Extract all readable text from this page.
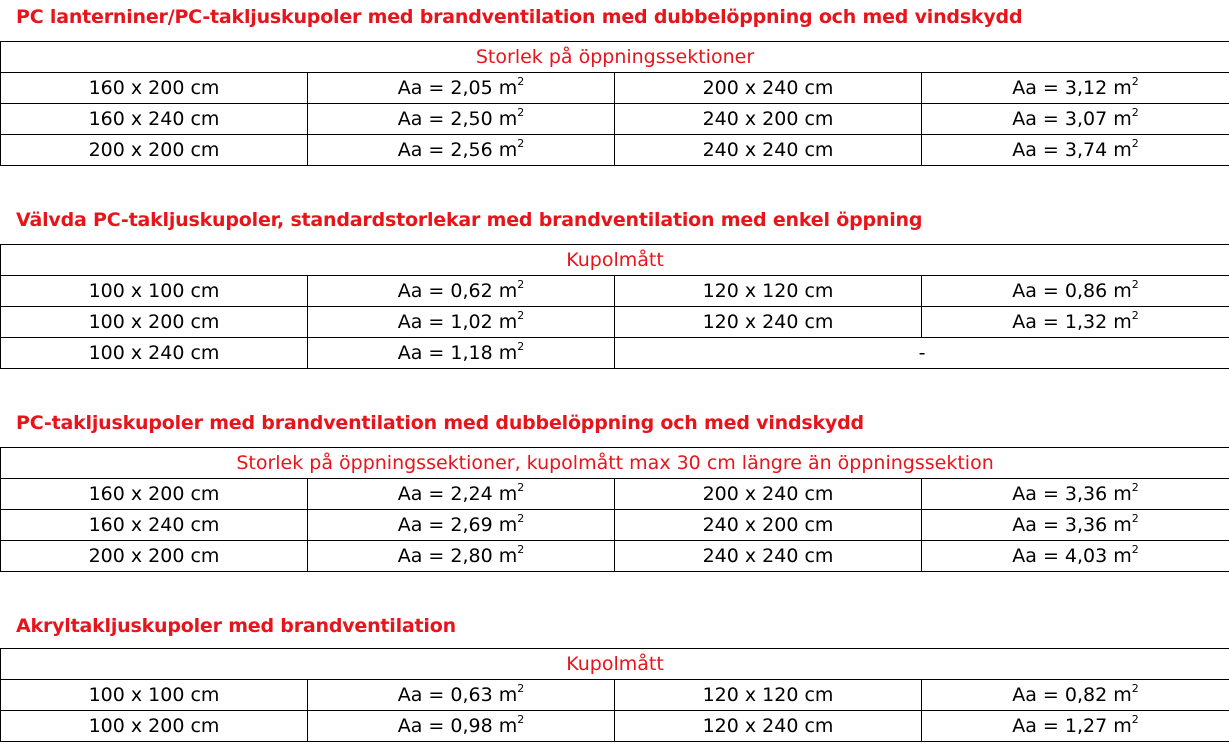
PC lanterniner/PC-takljuskupoler med brandventilation med dubbelöppning och med vindskydd
Storlek på öppningssektioner			
160 x 200 cm	Aa = 2,05 $m^2$	200 x 240 cm	Aa = 3,12 $m^2$
160 x 240 cm	Aa = 2,50 $m^2$	240 x 200 cm	Aa = 3,07 $m^2$
200 x 200 cm	Aa = 2,56 $m^2$	240 x 240 cm	Aa = 3,74 $m^2$
Välvda PC-takljuskupoler, standardstorlekar med brandventilation med enkel öppning
Kupolmått			
100 x 100 cm	Aa = 0,62 $m^2$	120 x 120 cm	Aa = 0,86 $m^2$
100 x 200 cm	Aa = 1,02 $m^2$	120 x 240 cm	Aa = 1,32 $m^2$
100 x 240 cm	Aa = 1,18 $m^2$	-	
PC-takljuskupoler med brandventilation med dubbelöppning och med vindskydd
Storlek på öppningssektioner, kupolmått max 30 cm längre än öppningssektion			
160 x 200 cm	Aa = 2,24 $m^2$	200 x 240 cm	Aa = 3,36 $m^2$
160 x 240 cm	Aa = 2,69 $m^2$	240 x 200 cm	Aa = 3,36 $m^2$
200 x 200 cm	Aa = 2,80 $m^2$	240 x 240 cm	Aa = 4,03 $m^2$
Akryltakljuskupoler med brandventilation
Kupolmått			
100 x 100 cm	Aa = 0,63 $m^2$	120 x 120 cm	Aa = 0,82 $m^2$
100 x 200 cm	Aa = 0,98 $m^2$	120 x 240 cm	Aa = 1,27 $m^2$
